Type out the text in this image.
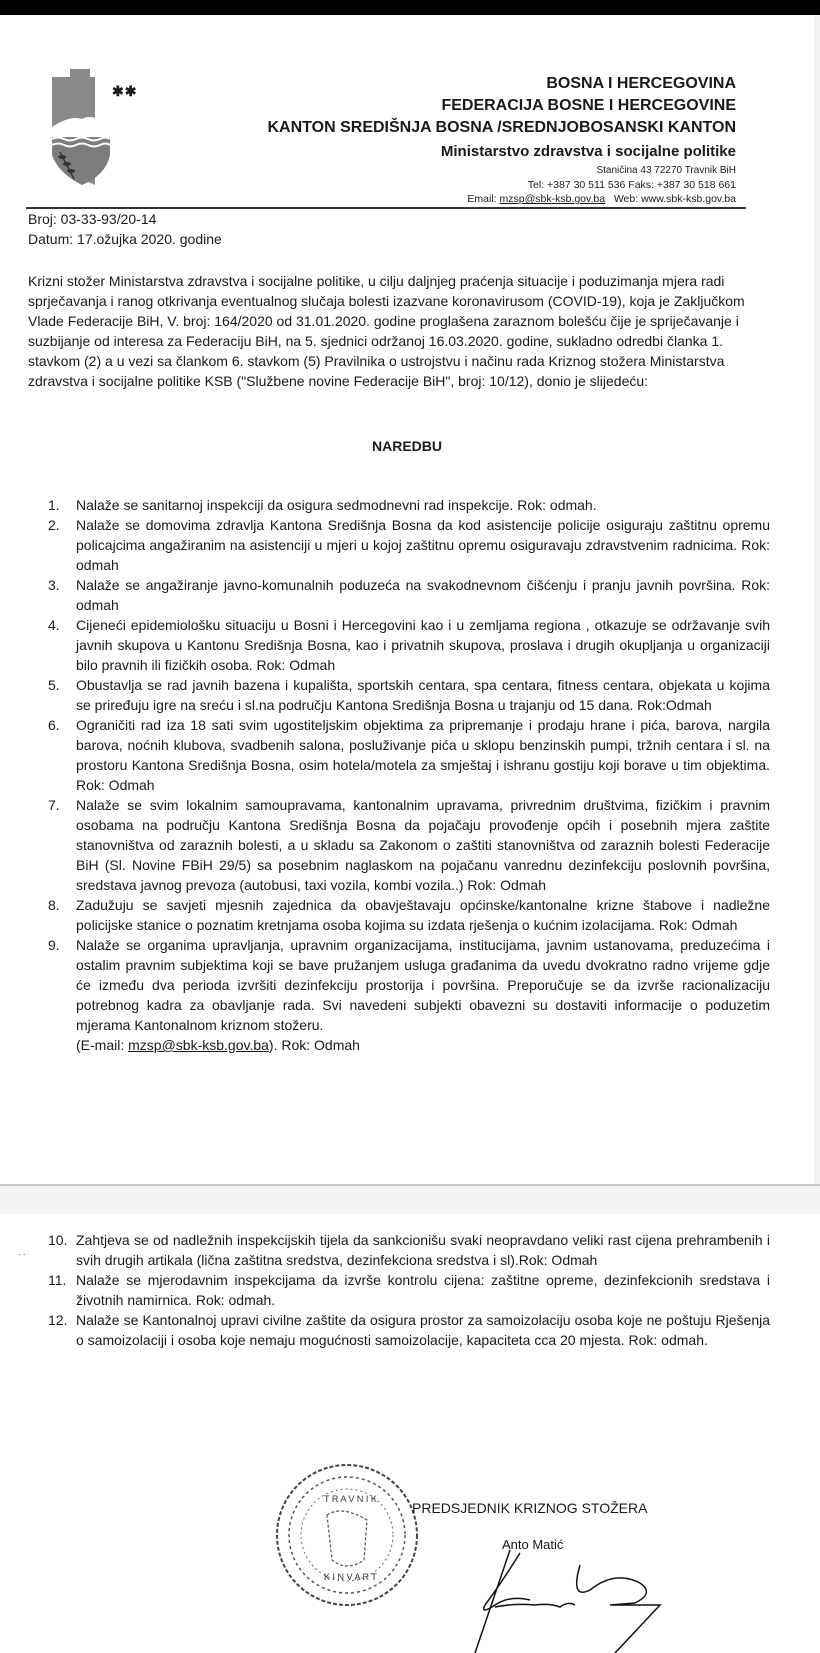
✱✱	BOSNA I HERCEGOVINA
FEDERACIJA BOSNE I HERCEGOVINE
KANTON SREDIŠNJA BOSNA /SREDNJOBOSANSKI KANTON
Ministarstvo zdravstva i socijalne politike
Staničina 43 72270 Travnik BiH
Tel: +387 30 511 536 Faks: +387 30 518 661
Email: mzsp@sbk-ksb.gov.ba   Web: www.sbk-ksb.gov.ba
Broj: 03-33-93/20-14
Datum: 17.ožujka 2020. godine
Krizni stožer Ministarstva zdravstva i socijalne politike, u cilju daljnjeg praćenja situacije i poduzimanja mjera radi sprječavanja i ranog otkrivanja eventualnog slučaja bolesti izazvane koronavirusom (COVID-19), koja je Zaključkom Vlade Federacije BiH, V. broj: 164/2020 od 31.01.2020. godine proglašena zaraznom bolešću čije je spriječavanje i suzbijanje od interesa za Federaciju BiH, na 5. sjednici održanoj 16.03.2020. godine, sukladno odredbi članka 1. stavkom (2) a u vezi sa člankom 6. stavkom (5) Pravilnika o ustrojstvu i načinu rada Kriznog stožera Ministarstva zdravstva i socijalne politike KSB ("Službene novine Federacije BiH", broj: 10/12), donio je slijedeću:
NAREDBU
1. Nalaže se sanitarnoj inspekciji da osigura sedmodnevni rad inspekcije. Rok: odmah.
2. Nalaže se domovima zdravlja Kantona Središnja Bosna da kod asistencije policije osiguraju zaštitnu opremu policajcima angažiranim na asistenciji u mjeri u kojoj zaštitnu opremu osiguravaju zdravstvenim radnicima. Rok: odmah
3. Nalaže se angažiranje javno-komunalnih poduzeća na svakodnevnom čišćenju i pranju javnih površina. Rok: odmah
4. Cijeneći epidemiološku situaciju u Bosni i Hercegovini kao i u zemljama regiona , otkazuje se održavanje svih javnih skupova u Kantonu Središnja Bosna, kao i privatnih skupova, proslava i drugih okupljanja u organizaciji bilo pravnih ili fizičkih osoba. Rok: Odmah
5. Obustavlja se rad javnih bazena i kupališta, sportskih centara, spa centara, fitness centara, objekata u kojima se priređuju igre na sreću i sl.na području Kantona Središnja Bosna u trajanju od 15 dana. Rok:Odmah
6. Ograničiti rad iza 18 sati svim ugostiteljskim objektima za pripremanje i prodaju hrane i pića, barova, nargila barova, noćnih klubova, svadbenih salona, posluživanje pića u sklopu benzinskih pumpi, tržnih centara i sl. na prostoru Kantona Središnja Bosna, osim hotela/motela za smještaj i ishranu gostiju koji borave u tim objektima. Rok: Odmah
7. Nalaže se svim lokalnim samoupravama, kantonalnim upravama, privrednim društvima, fizičkim i pravnim osobama na području Kantona Središnja Bosna da pojačaju provođenje općih i posebnih mjera zaštite stanovništva od zaraznih bolesti, a u skladu sa Zakonom o zaštiti stanovništva od zaraznih bolesti Federacije BiH (Sl. Novine FBiH 29/5) sa posebnim naglaskom na pojačanu vanrednu dezinfekciju poslovnih površina, sredstava javnog prevoza (autobusi, taxi vozila, kombi vozila..) Rok: Odmah
8. Zadužuju se savjeti mjesnih zajednica da obavještavaju općinske/kantonalne krizne štabove i nadležne policijske stanice o poznatim kretnjama osoba kojima su izdata rješenja o kućnim izolacijama. Rok: Odmah
9. Nalaže se organima upravljanja, upravnim organizacijama, institucijama, javnim ustanovama, preduzećima i ostalim pravnim subjektima koji se bave pružanjem usluga građanima da uvedu dvokratno radno vrijeme gdje će između dva perioda izvršiti dezinfekciju prostorija i površina. Preporučuje se da izvrše racionalizaciju potrebnog kadra za obavljanje rada. Svi navedeni subjekti obavezni su dostaviti informacije o poduzetim mjerama Kantonalnom kriznom stožeru.
(E-mail: mzsp@sbk-ksb.gov.ba). Rok: Odmah
· ·
10. Zahtjeva se od nadležnih inspekcijskih tijela da sankcionišu svaki neopravdano veliki rast cijena prehrambenih i svih drugih artikala (lična zaštitna sredstva, dezinfekciona sredstva i sl).Rok: Odmah
11. Nalaže se mjerodavnim inspekcijama da izvrše kontrolu cijena: zaštitne opreme, dezinfekcionih sredstava i životnih namirnica. Rok: odmah.
12. Nalaže se Kantonalnoj upravi civilne zaštite da osigura prostor za samoizolaciju osoba koje ne poštuju Rješenja o samoizolaciji i osoba koje nemaju mogućnosti samoizolacije, kapaciteta cca 20 mjesta. Rok: odmah.
T R A V N I K
K I N V A R T
PREDSJEDNIK KRIZNOG STOŽERA
Anto Matić
